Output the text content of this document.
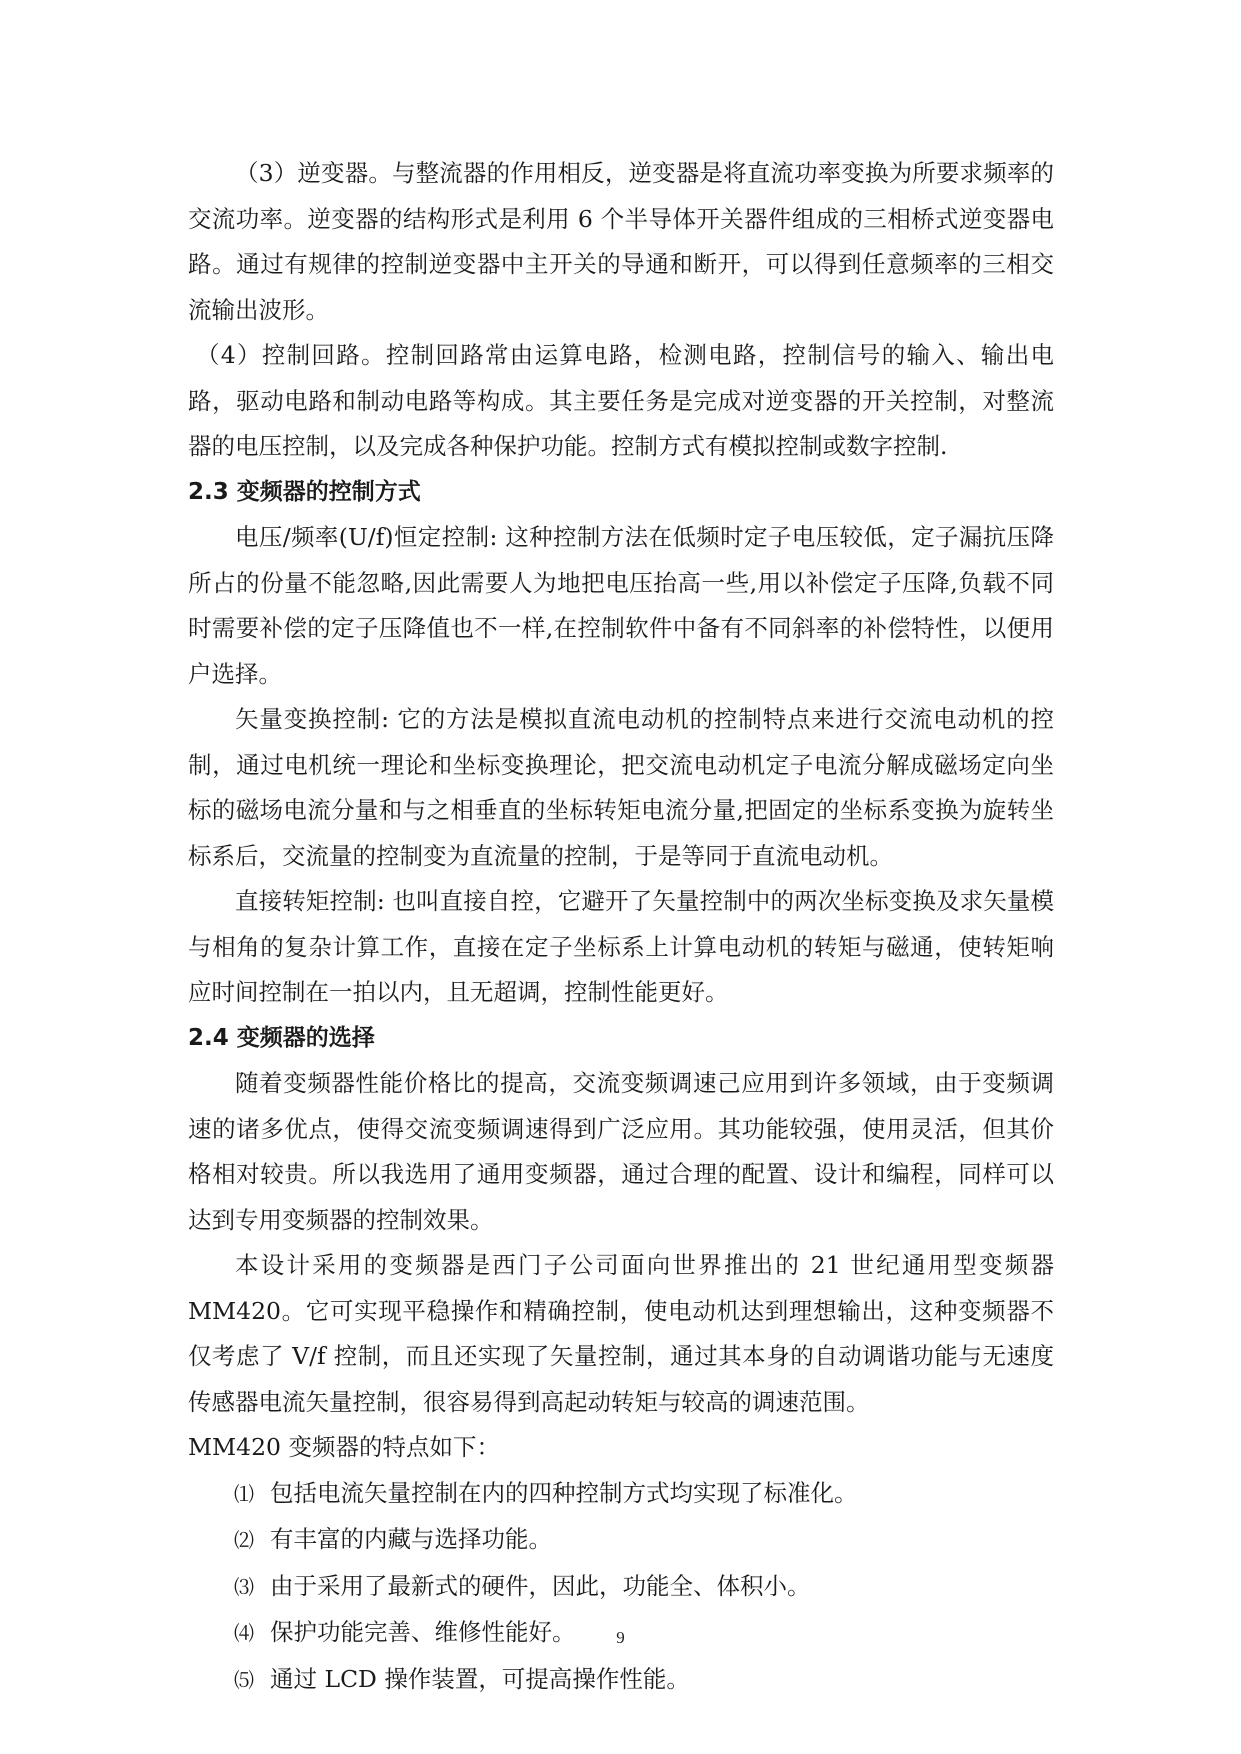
（3）逆变器。与整流器的作用相反，逆变器是将直流功率变换为所要求频率的交流功率。逆变器的结构形式是利用 6 个半导体开关器件组成的三相桥式逆变器电路。通过有规律的控制逆变器中主开关的导通和断开，可以得到任意频率的三相交流输出波形。

（4）控制回路。控制回路常由运算电路，检测电路，控制信号的输入、输出电路，驱动电路和制动电路等构成。其主要任务是完成对逆变器的开关控制，对整流器的电压控制，以及完成各种保护功能。控制方式有模拟控制或数字控制.

2.3 变频器的控制方式

电压/频率(U/f)恒定控制: 这种控制方法在低频时定子电压较低，定子漏抗压降所占的份量不能忽略,因此需要人为地把电压抬高一些,用以补偿定子压降,负载不同时需要补偿的定子压降值也不一样,在控制软件中备有不同斜率的补偿特性，以便用户选择。

矢量变换控制: 它的方法是模拟直流电动机的控制特点来进行交流电动机的控制，通过电机统一理论和坐标变换理论，把交流电动机定子电流分解成磁场定向坐标的磁场电流分量和与之相垂直的坐标转矩电流分量,把固定的坐标系变换为旋转坐标系后，交流量的控制变为直流量的控制，于是等同于直流电动机。

直接转矩控制: 也叫直接自控，它避开了矢量控制中的两次坐标变换及求矢量模与相角的复杂计算工作，直接在定子坐标系上计算电动机的转矩与磁通，使转矩响应时间控制在一拍以内，且无超调，控制性能更好。

2.4 变频器的选择

随着变频器性能价格比的提高，交流变频调速己应用到许多领域，由于变频调速的诸多优点，使得交流变频调速得到广泛应用。其功能较强，使用灵活，但其价格相对较贵。所以我选用了通用变频器，通过合理的配置、设计和编程，同样可以达到专用变频器的控制效果。

本设计采用的变频器是西门子公司面向世界推出的 21 世纪通用型变频器 MM420。它可实现平稳操作和精确控制，使电动机达到理想输出，这种变频器不仅考虑了 V/f 控制，而且还实现了矢量控制，通过其本身的自动调谐功能与无速度传感器电流矢量控制，很容易得到高起动转矩与较高的调速范围。

MM420 变频器的特点如下：

⑴ 包括电流矢量控制在内的四种控制方式均实现了标准化。

⑵ 有丰富的内藏与选择功能。

⑶ 由于采用了最新式的硬件，因此，功能全、体积小。

⑷ 保护功能完善、维修性能好。

⑸ 通过 LCD 操作装置，可提高操作性能。

9
